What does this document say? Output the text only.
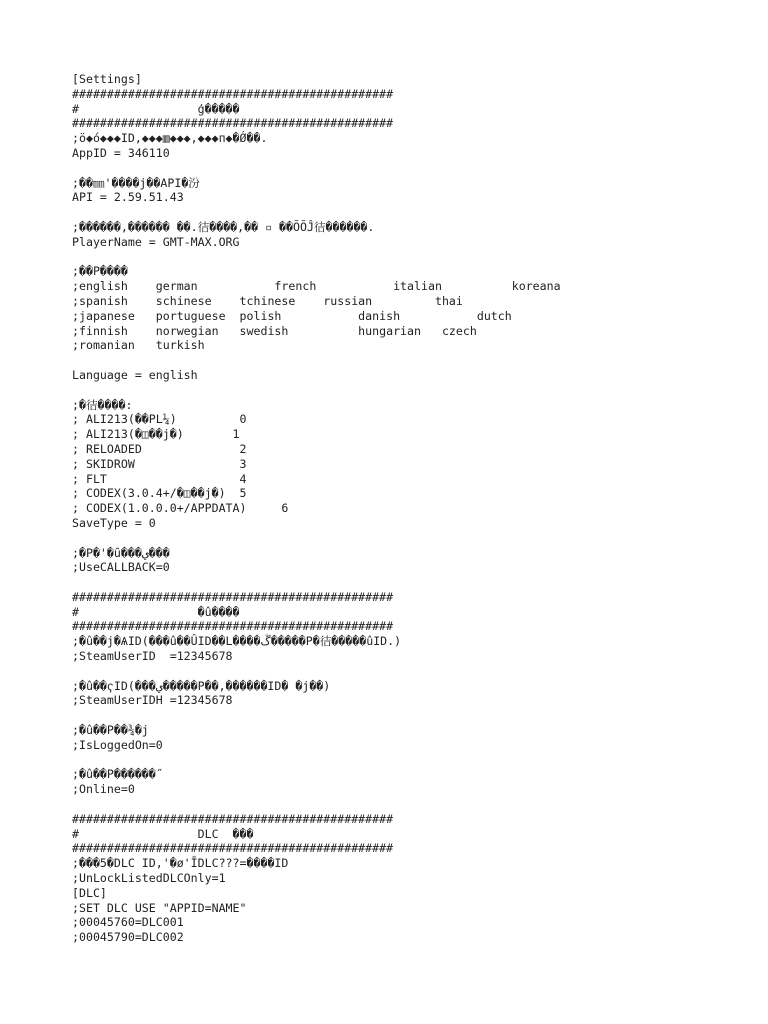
[Settings]
##############################################
#                 ģ�����
##############################################
;ö◆ó◆◆◆ID,◆◆◆▥◆◆◆,◆◆◆п◆�Ǿ��.
AppID = 346110
;��㎜'����j��API�汾
API = 2.59.51.43
;������,������ ��.㣟����,�� ▫ ��ÕÕĴ㣟������.
PlayerName = GMT-MAX.ORG
;��Ρ����
;english    german           french           italian          koreana
;spanish    schinese    tchinese    russian         thai
;japanese   portuguese  polish           danish           dutch
;finnish    norwegian   swedish          hungarian   czech
;romanian   turkish
Language = english
;�㣟����:
; ALI213(��PL¼)         0
; ALI213(�◫��j�)       1
; RELOADED              2
; SKIDROW               3
; FLT                   4
; CODEX(3.0.4+/�◫��j�)  5
; CODEX(1.0.0.0+/APPDATA)     6
SaveType = 0
;�Ρ�'�ȗ���ي���
;UseCALLBACK=0
##############################################
#                 �û����
##############################################
;�û��j�ѦID(���û��ÛID��L����ڴ�����Ρ�㣟�����ûID.)
;SteamUserID  =12345678
;�û��ҁID(���ي�����Ρ��,������ID� �j��)
;SteamUserIDH =12345678
;�û��Ρ��¾�j
;IsLoggedOn=0
;�û��Ρ������˝
;Online=0
##############################################
#                 DLC  ���
##############################################
;���5�DLC ID,'�ø'ĪDLC???=����ID
;UnLockListedDLCOnly=1
[DLC]
;SET DLC USE "APPID=NAME"
;00045760=DLC001
;00045790=DLC002
